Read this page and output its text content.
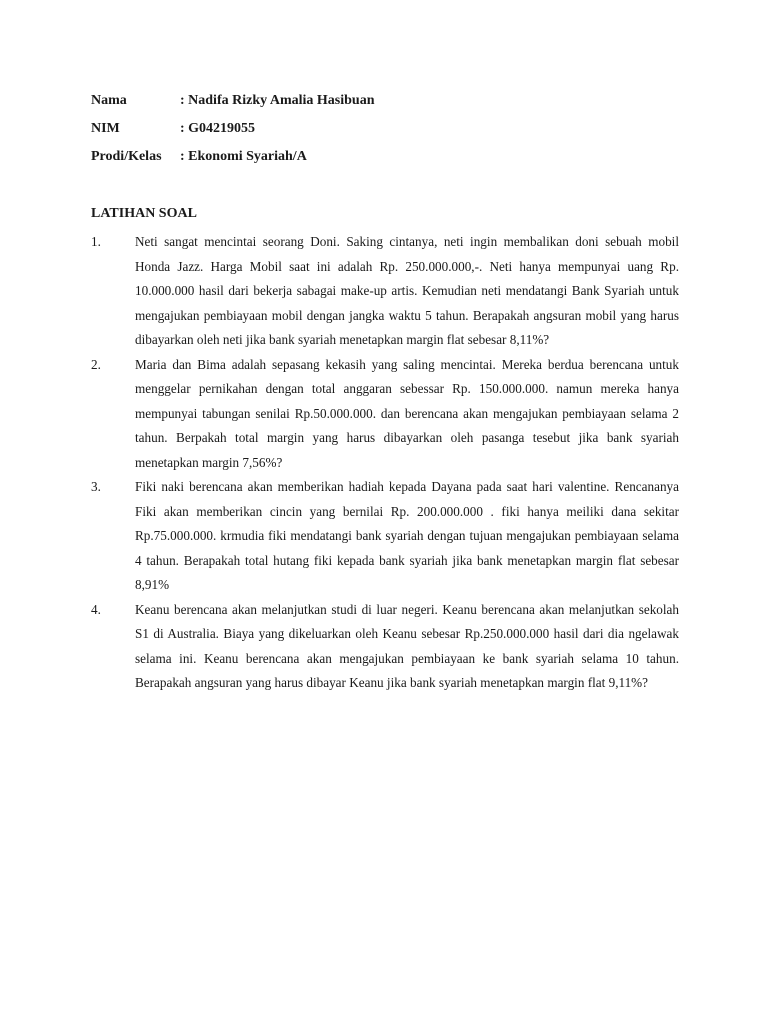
Nama	: Nadifa Rizky Amalia Hasibuan
NIM	: G04219055
Prodi/Kelas	: Ekonomi Syariah/A
LATIHAN SOAL
1.	Neti sangat mencintai seorang Doni. Saking cintanya, neti ingin membalikan doni sebuah mobil Honda Jazz. Harga Mobil saat ini adalah Rp. 250.000.000,-. Neti hanya mempunyai uang Rp. 10.000.000 hasil dari bekerja sabagai make-up artis. Kemudian neti mendatangi Bank Syariah untuk mengajukan pembiayaan mobil dengan jangka waktu 5 tahun. Berapakah angsuran mobil yang harus dibayarkan oleh neti jika bank syariah menetapkan margin flat sebesar 8,11%?
2.	Maria dan Bima adalah sepasang kekasih yang saling mencintai. Mereka berdua berencana untuk menggelar pernikahan dengan total anggaran sebessar Rp. 150.000.000. namun mereka hanya mempunyai tabungan senilai Rp.50.000.000. dan berencana akan mengajukan pembiayaan selama 2 tahun. Berpakah total margin yang harus dibayarkan oleh pasanga tesebut jika bank syariah menetapkan margin 7,56%?
3.	Fiki naki berencana akan memberikan hadiah kepada Dayana pada saat hari valentine. Rencananya Fiki akan memberikan cincin yang bernilai Rp. 200.000.000 . fiki hanya meiliki dana sekitar Rp.75.000.000. krmudia fiki mendatangi bank syariah dengan tujuan mengajukan pembiayaan selama 4 tahun. Berapakah total hutang fiki kepada bank syariah jika bank menetapkan margin flat sebesar 8,91%
4.	Keanu berencana akan melanjutkan studi di luar negeri. Keanu berencana akan melanjutkan sekolah S1 di Australia. Biaya yang dikeluarkan oleh Keanu sebesar Rp.250.000.000 hasil dari dia ngelawak selama ini. Keanu berencana akan mengajukan pembiayaan ke bank syariah selama 10 tahun. Berapakah angsuran yang harus dibayar Keanu jika bank syariah menetapkan margin flat 9,11%?
